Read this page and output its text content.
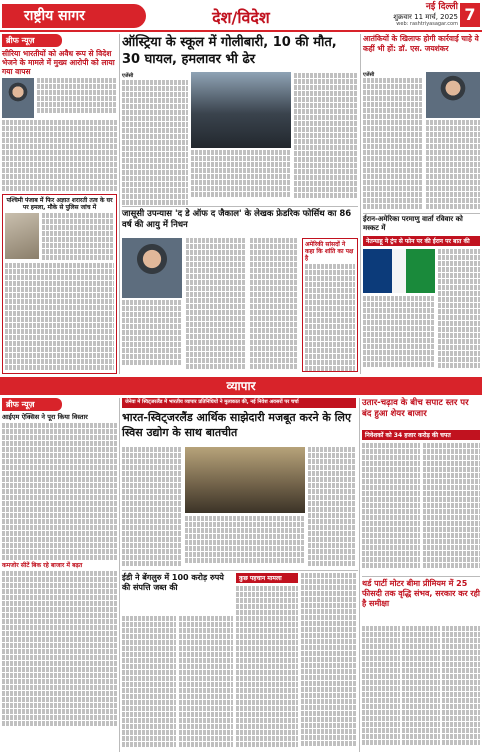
राष्ट्रीय सागर	देश/विदेश
नई दिल्ली
शुक्रवार 11 मार्च, 2025
web: rashtriyasagar.com 7
ब्रीफ न्यूज़
सीरिया भारतीयों को अवैध रूप से विदेश भेजने के मामले में मुख्य आरोपी को लाया गया वापस
पश्चिमी पंजाब में फिर अज्ञात शरारती तत्व के घर पर हमला, मौके से पुलिस जांच में
ऑस्ट्रिया के स्कूल में गोलीबारी, 10 की मौत, 30 घायल, हमलावर भी ढेर
एजेंसी
जासूसी उपन्यास 'द डे ऑफ द जैकाल' के लेखक फ्रेडरिक फोर्सिथ का 86 वर्ष की आयु में निधन
अमेरिकी सांसदों ने कहा कि शांति का पक्ष है
आतंकियों के खिलाफ होगी कार्रवाई चाहे वे कहीं भी हों: डॉ. एस. जयशंकर
एजेंसी
ईरान-अमेरिका परमाणु वार्ता रविवार को मस्कट में
नेतन्याहू ने ट्रंप से फोन पर की ईरान पर बात की
व्यापार
ब्रीफ न्यूज़
आईएम ऐक्सिस ने पूरा किया विस्तार
कमजोर सीटें बिक रहे बाजार में बढ़त
जेनेवा में स्विट्जरलैंड में भारतीय व्यापार प्रतिनिधियों ने मुलाकात की, नई निवेश अवसरों पर चर्चा
भारत-स्विट्जरलैंड आर्थिक साझेदारी मजबूत करने के लिए स्विस उद्योग के साथ बातचीत
ईडी ने बेंगलुरु में 100 करोड़ रुपये की संपत्ति जब्त की
कुछ पहचान मामला
उतार-चढ़ाव के बीच सपाट स्तर पर बंद हुआ शेयर बाजार
निवेशकों को 34 हजार करोड़ की चपत
थर्ड पार्टी मोटर बीमा प्रीमियम में 25 फीसदी तक वृद्धि संभव, सरकार कर रही है समीक्षा
